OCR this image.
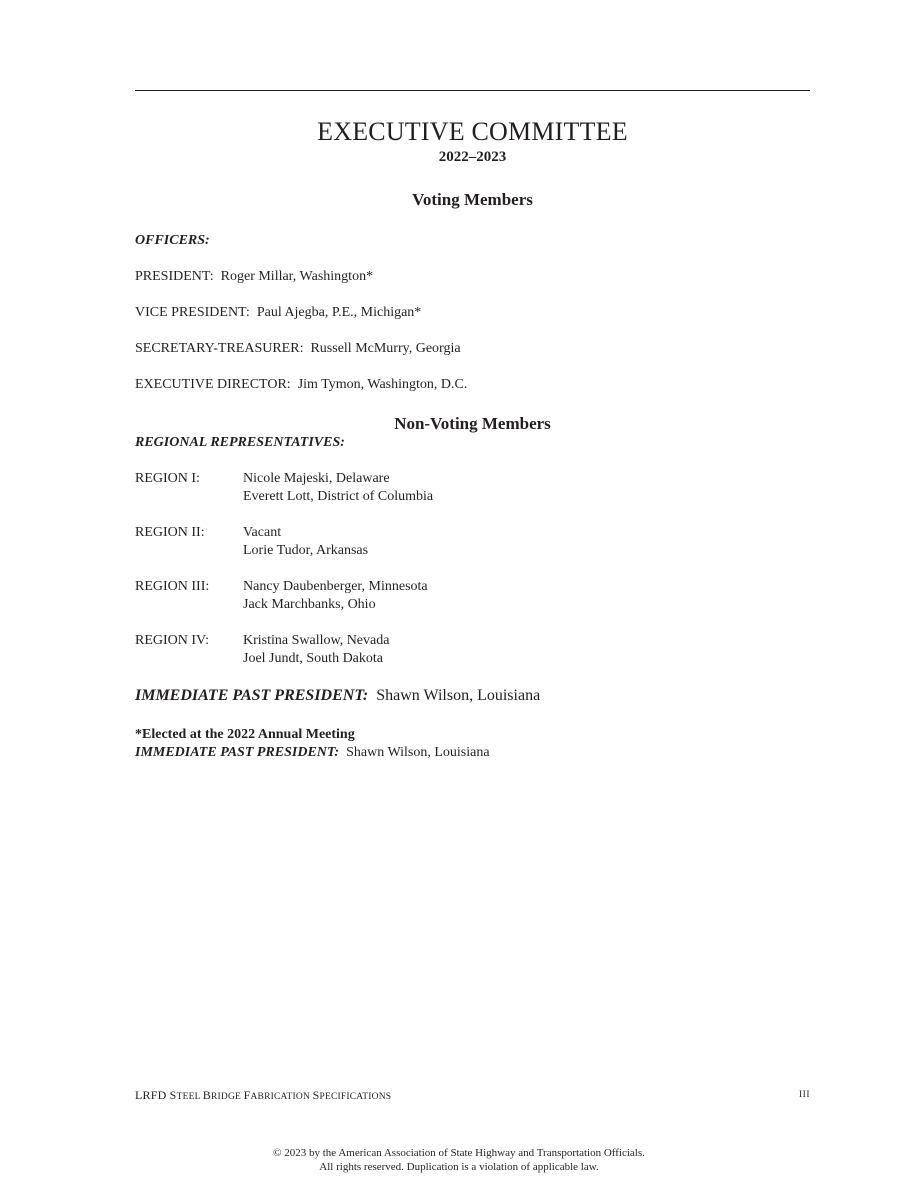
EXECUTIVE COMMITTEE
2022–2023
Voting Members
OFFICERS:
PRESIDENT: Roger Millar, Washington*
VICE PRESIDENT: Paul Ajegba, P.E., Michigan*
SECRETARY-TREASURER: Russell McMurry, Georgia
EXECUTIVE DIRECTOR: Jim Tymon, Washington, D.C.
Non-Voting Members
REGIONAL REPRESENTATIVES:
REGION I:	Nicole Majeski, Delaware
Everett Lott, District of Columbia
REGION II:	Vacant
Lorie Tudor, Arkansas
REGION III: Nancy Daubenberger, Minnesota
Jack Marchbanks, Ohio
REGION IV: Kristina Swallow, Nevada
Joel Jundt, South Dakota
IMMEDIATE PAST PRESIDENT: Shawn Wilson, Louisiana
*Elected at the 2022 Annual Meeting
IMMEDIATE PAST PRESIDENT: Shawn Wilson, Louisiana
LRFD STEEL BRIDGE FABRICATION SPECIFICATIONS	III
© 2023 by the American Association of State Highway and Transportation Officials.
All rights reserved. Duplication is a violation of applicable law.
